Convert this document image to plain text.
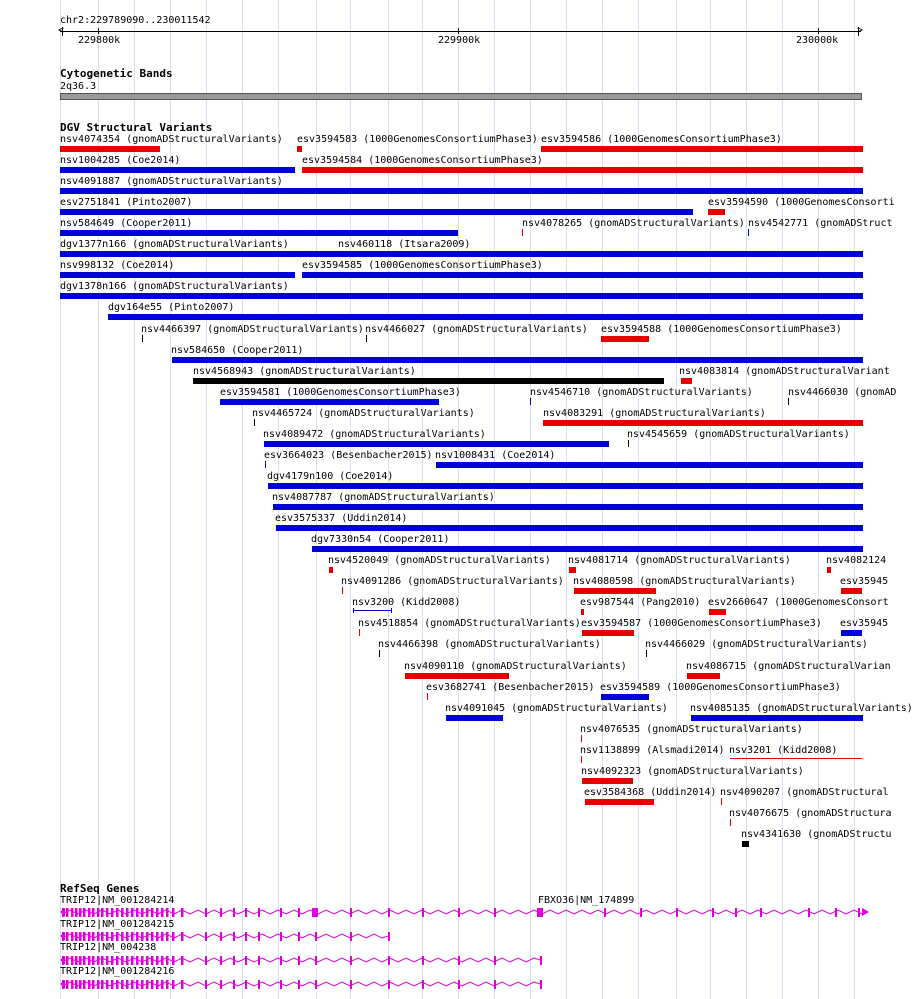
chr2:229789090..230011542
<	>
229800k	229900k	230000k
Cytogenetic Bands
2q36.3
DGV Structural Variants
nsv4074354 (gnomADStructuralVariants) esv3594583 (1000GenomesConsortiumPhase3) esv3594586 (1000GenomesConsortiumPhase3)
nsv1004285 (Coe2014)	esv3594584 (1000GenomesConsortiumPhase3)
nsv4091887 (gnomADStructuralVariants)
esv2751841 (Pinto2007)	esv3594590 (1000GenomesConsorti
nsv584649 (Cooper2011)	nsv4078265 (gnomADStructuralVariants) nsv4542771 (gnomADStruct
dgv1377n166 (gnomADStructuralVariants)	nsv460118 (Itsara2009)
nsv998132 (Coe2014)	esv3594585 (1000GenomesConsortiumPhase3)
dgv1378n166 (gnomADStructuralVariants)
dgv164e55 (Pinto2007)
nsv4466397 (gnomADStructuralVariants) nsv4466027 (gnomADStructuralVariants) esv3594588 (1000GenomesConsortiumPhase3)
nsv584650 (Cooper2011)
nsv4568943 (gnomADStructuralVariants)	nsv4083814 (gnomADStructuralVariant
esv3594581 (1000GenomesConsortiumPhase3)	nsv4546710 (gnomADStructuralVariants)	nsv4466030 (gnomAD
nsv4465724 (gnomADStructuralVariants)	nsv4083291 (gnomADStructuralVariants)
nsv4089472 (gnomADStructuralVariants)	nsv4545659 (gnomADStructuralVariants)
esv3664023 (Besenbacher2015) nsv1008431 (Coe2014)
dgv4179n100 (Coe2014)
nsv4087787 (gnomADStructuralVariants)
esv3575337 (Uddin2014)
dgv7330n54 (Cooper2011)
nsv4520049 (gnomADStructuralVariants) nsv4081714 (gnomADStructuralVariants)	nsv4082124
nsv4091286 (gnomADStructuralVariants) nsv4080598 (gnomADStructuralVariants)	esv35945
nsv3200 (Kidd2008)	esv987544 (Pang2010) esv2660647 (1000GenomesConsort
nsv4518854 (gnomADStructuralVariants) esv3594587 (1000GenomesConsortiumPhase3) esv35945
nsv4466398 (gnomADStructuralVariants)	nsv4466029 (gnomADStructuralVariants)
nsv4090110 (gnomADStructuralVariants)	nsv4086715 (gnomADStructuralVarian
esv3682741 (Besenbacher2015) esv3594589 (1000GenomesConsortiumPhase3)
nsv4091045 (gnomADStructuralVariants) nsv4085135 (gnomADStructuralVariants)
nsv4076535 (gnomADStructuralVariants)
nsv1138899 (Alsmadi2014) nsv3201 (Kidd2008)
nsv4092323 (gnomADStructuralVariants)
esv3584368 (Uddin2014) nsv4090207 (gnomADStructural
nsv4076675 (gnomADStructura
nsv4341630 (gnomADStructu
RefSeq Genes
TRIP12|NM_001284214	FBXO36|NM_174899
TRIP12|NM_001284215
TRIP12|NM_004238
TRIP12|NM_001284216
